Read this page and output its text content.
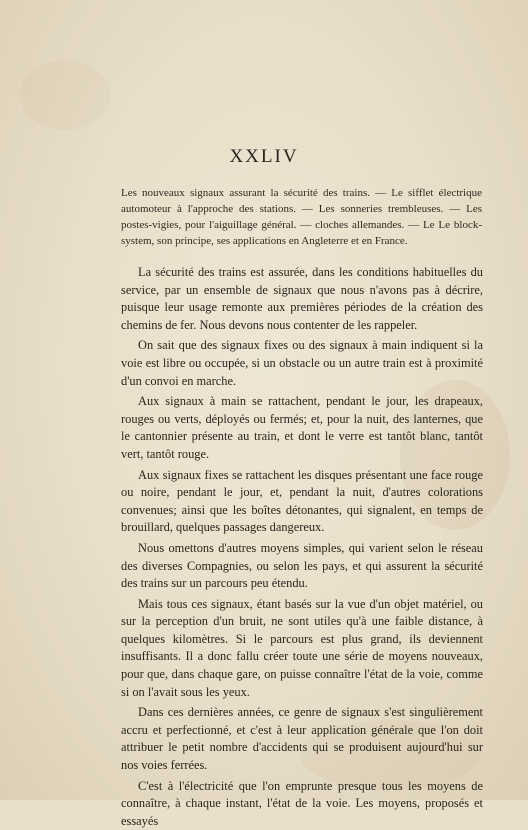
XXLIV
Les nouveaux signaux assurant la sécurité des trains. — Le sifflet électrique automoteur à l'approche des stations. — Les sonneries trembleuses. — Les postes-vigies, pour l'aiguillage général. — cloches allemandes. — Le Le block-system, son principe, ses applications en Angleterre et en France.

La sécurité des trains est assurée, dans les conditions habituelles du service, par un ensemble de signaux que nous n'avons pas à décrire, puisque leur usage remonte aux premières périodes de la création des chemins de fer. Nous devons nous contenter de les rappeler.

On sait que des signaux fixes ou des signaux à main indiquent si la voie est libre ou occupée, si un obstacle ou un autre train est à proximité d'un convoi en marche.

Aux signaux à main se rattachent, pendant le jour, les drapeaux, rouges ou verts, déployés ou fermés; et, pour la nuit, des lanternes, que le cantonnier présente au train, et dont le verre est tantôt blanc, tantôt vert, tantôt rouge.

Aux signaux fixes se rattachent les disques présentant une face rouge ou noire, pendant le jour, et, pendant la nuit, d'autres colorations convenues; ainsi que les boîtes détonantes, qui signalent, en temps de brouillard, quelques passages dangereux.

Nous omettons d'autres moyens simples, qui varient selon le réseau des diverses Compagnies, ou selon les pays, et qui assurent la sécurité des trains sur un parcours peu étendu.

Mais tous ces signaux, étant basés sur la vue d'un objet matériel, ou sur la perception d'un bruit, ne sont utiles qu'à une faible distance, à quelques kilomètres. Si le parcours est plus grand, ils deviennent insuffisants. Il a donc fallu créer toute une série de moyens nouveaux, pour que, dans chaque gare, on puisse connaître l'état de la voie, comme si on l'avait sous les yeux.

Dans ces dernières années, ce genre de signaux s'est singulièrement accru et perfectionné, et c'est à leur application générale que l'on doit attribuer le petit nombre d'accidents qui se produisent aujourd'hui sur nos voies ferrées.

C'est à l'électricité que l'on emprunte presque tous les moyens de connaître, à chaque instant, l'état de la voie. Les moyens, proposés et essayés
